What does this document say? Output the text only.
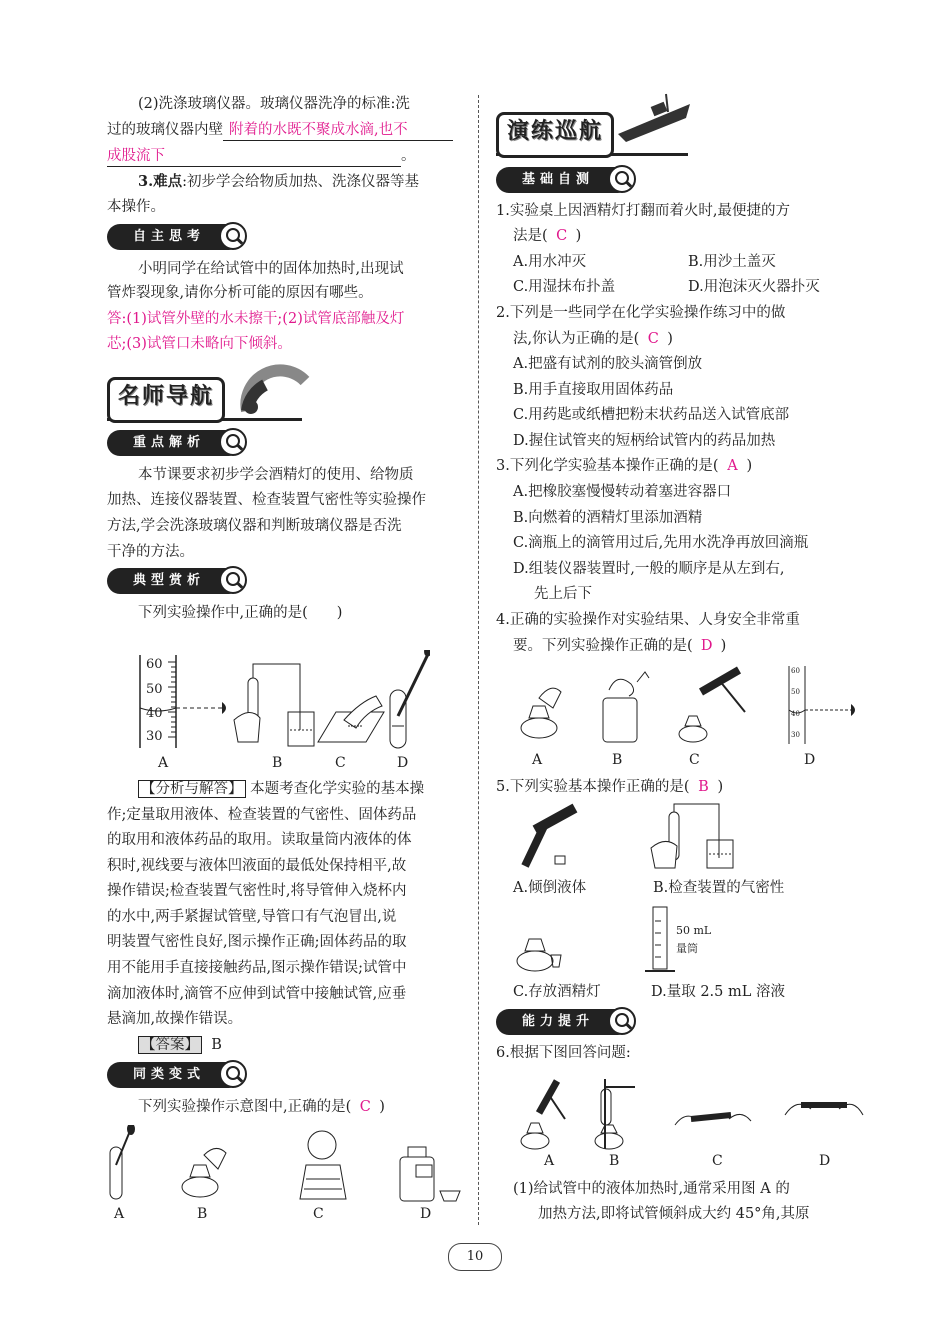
(2)洗涤玻璃仪器。玻璃仪器洗净的标准:洗
过的玻璃仪器内壁 附着的水既不聚成水滴,也不
成股流下	。
3.难点:初步学会给物质加热、洗涤仪器等基
本操作。
自主思考
小明同学在给试管中的固体加热时,出现试
管炸裂现象,请你分析可能的原因有哪些。
答:(1)试管外壁的水未擦干;(2)试管底部触及灯
芯;(3)试管口未略向下倾斜。
名师导航
重点解析
本节课要求初步学会酒精灯的使用、给物质
加热、连接仪器装置、检查装置气密性等实验操作
方法,学会洗涤玻璃仪器和判断玻璃仪器是否洗
干净的方法。
典型赏析
下列实验操作中,正确的是(　　)
60
50
40
30
A	B	C	D
【分析与解答】 本题考查化学实验的基本操
作;定量取用液体、检查装置的气密性、固体药品
的取用和液体药品的取用。读取量筒内液体的体
积时,视线要与液体凹液面的最低处保持相平,故
操作错误;检查装置气密性时,将导管伸入烧杯内
的水中,两手紧握试管壁,导管口有气泡冒出,说
明装置气密性良好,图示操作正确;固体药品的取
用不能用手直接接触药品,图示操作错误;试管中
滴加液体时,滴管不应伸到试管中接触试管,应垂
悬滴加,故操作错误。
【答案】 B
同类变式
下列实验操作示意图中,正确的是( C )
A	B	C	D
演练巡航
基础自测
1.实验桌上因酒精灯打翻而着火时,最便捷的方
法是( C )
A.用水冲灭	B.用沙土盖灭
C.用湿抹布扑盖	D.用泡沫灭火器扑灭
2.下列是一些同学在化学实验操作练习中的做
法,你认为正确的是( C )
A.把盛有试剂的胶头滴管倒放
B.用手直接取用固体药品
C.用药匙或纸槽把粉末状药品送入试管底部
D.握住试管夹的短柄给试管内的药品加热
3.下列化学实验基本操作正确的是( A )
A.把橡胶塞慢慢转动着塞进容器口
B.向燃着的酒精灯里添加酒精
C.滴瓶上的滴管用过后,先用水洗净再放回滴瓶
D.组装仪器装置时,一般的顺序是从左到右,
先上后下
4.正确的实验操作对实验结果、人身安全非常重
要。下列实验操作正确的是( D )
60
50
40
30
A	B	C	D
5.下列实验基本操作正确的是( B )
A.倾倒液体	B.检查装置的气密性
50 mL
量筒
C.存放酒精灯	D.量取 2.5 mL 溶液
能力提升
6.根据下图回答问题:
A	B	C	D
(1)给试管中的液体加热时,通常采用图 A 的
加热方法,即将试管倾斜成大约 45°角,其原
10
